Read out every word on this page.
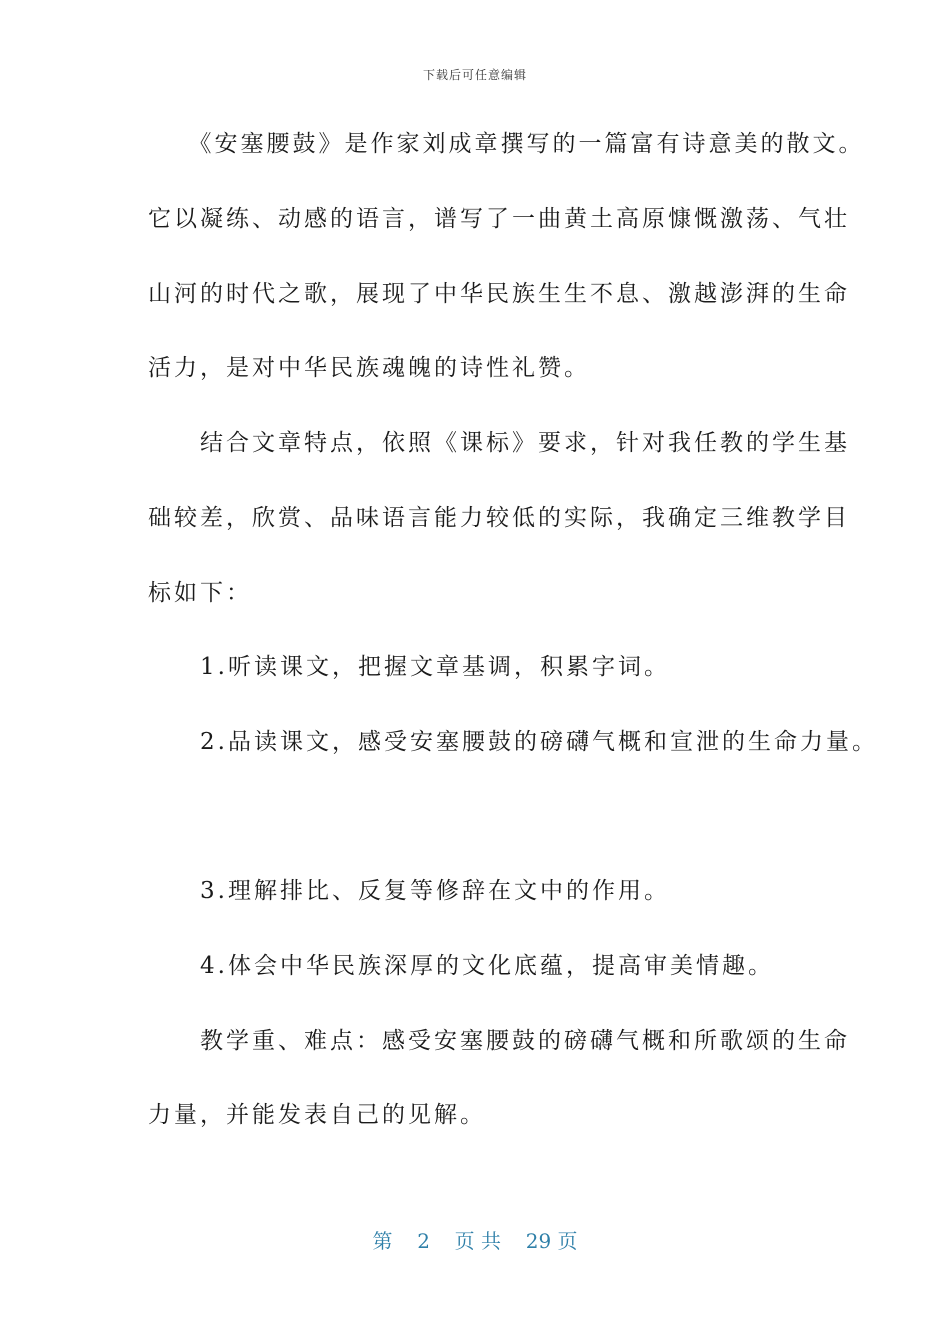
下载后可任意编辑
　　《安塞腰鼓》是作家刘成章撰写的一篇富有诗意美的散文。
它以凝练、动感的语言，谱写了一曲黄土高原慷慨激荡、气壮
山河的时代之歌，展现了中华民族生生不息、激越澎湃的生命
活力，是对中华民族魂魄的诗性礼赞。
　　结合文章特点，依照《课标》要求，针对我任教的学生基
础较差，欣赏、品味语言能力较低的实际，我确定三维教学目
标如下：
　　1.听读课文，把握文章基调，积累字词。
　　2.品读课文，感受安塞腰鼓的磅礴气概和宣泄的生命力量。
　　3.理解排比、反复等修辞在文中的作用。
　　4.体会中华民族深厚的文化底蕴，提高审美情趣。
　　教学重、难点：感受安塞腰鼓的磅礴气概和所歌颂的生命
力量，并能发表自己的见解。
第 2 页 共 29 页
